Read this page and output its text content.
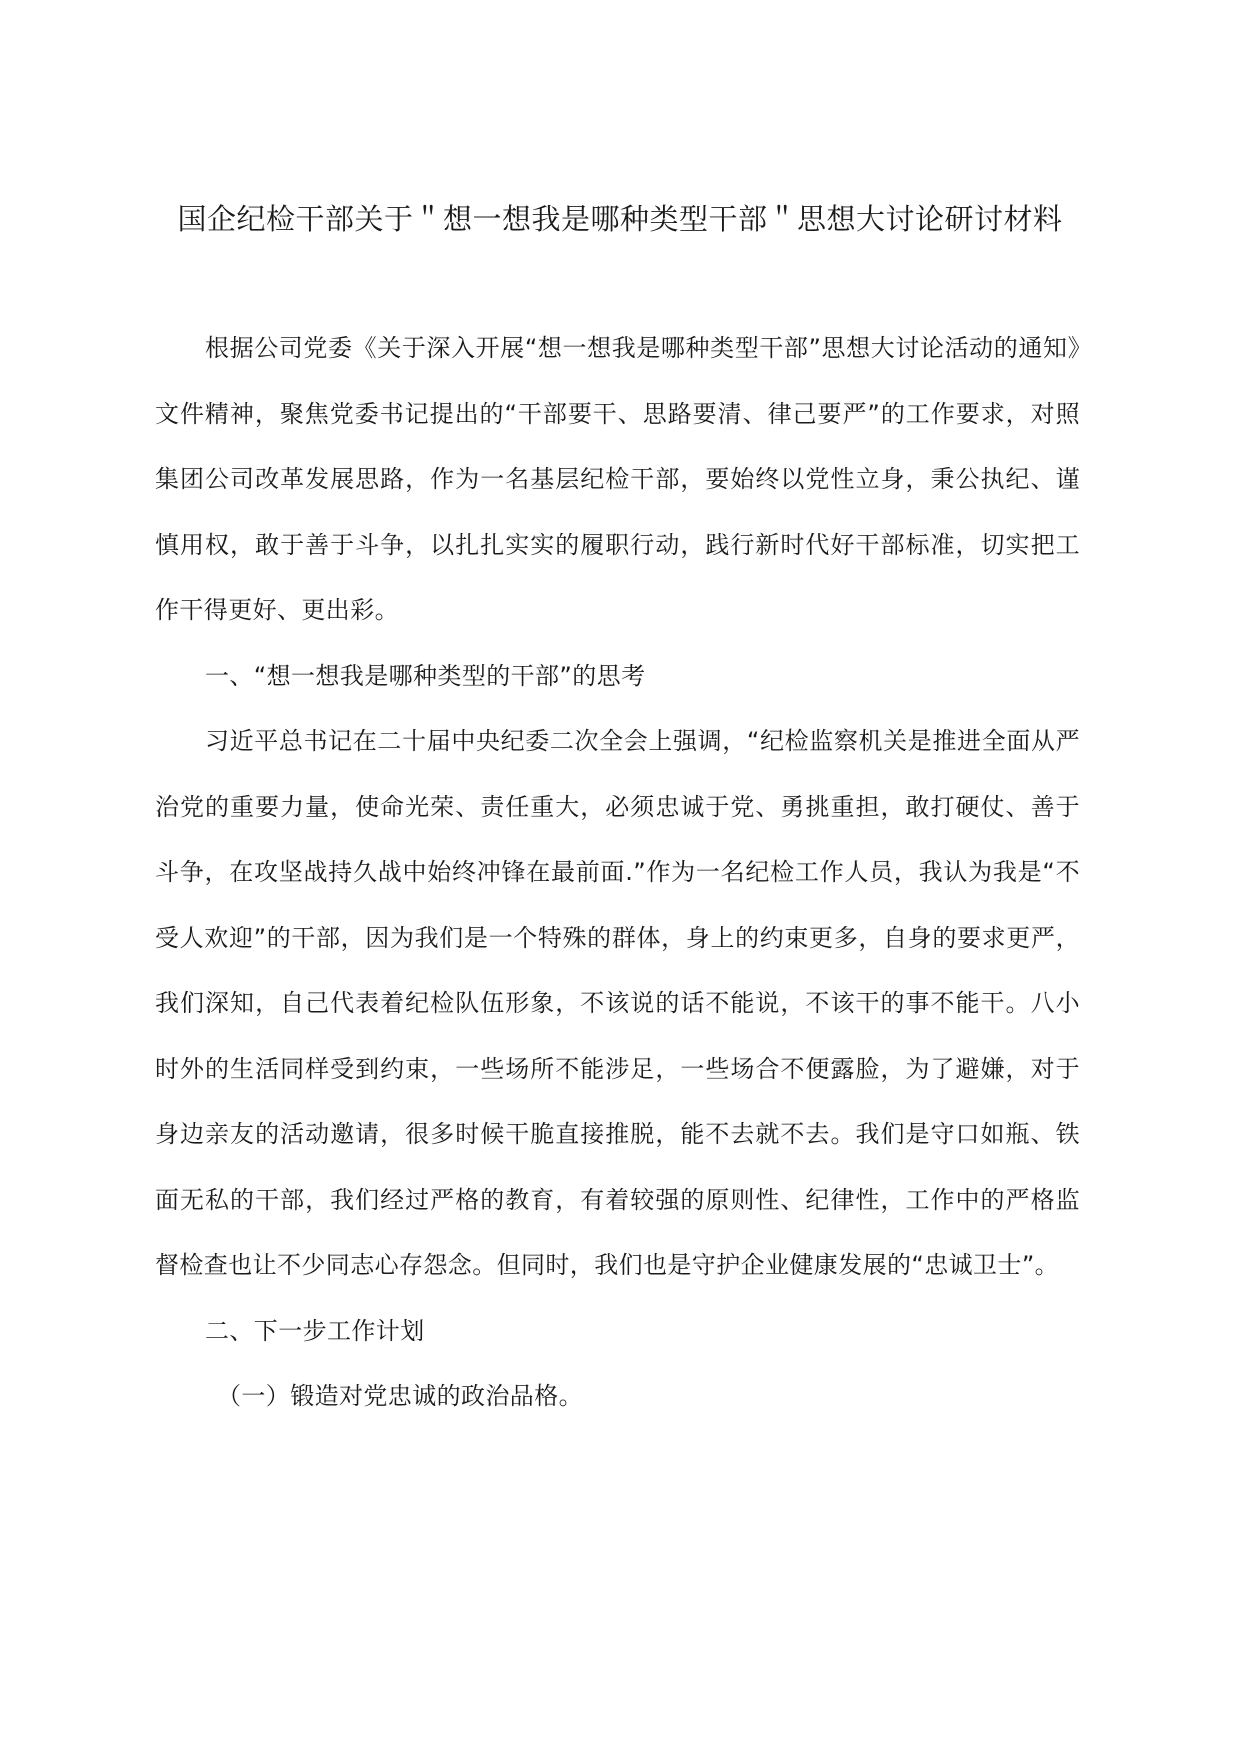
国企纪检干部关于＂想一想我是哪种类型干部＂思想大讨论研讨材料

根据公司党委《关于深入开展“想一想我是哪种类型干部”思想大讨论活动的通知》文件精神，聚焦党委书记提出的“干部要干、思路要清、律己要严”的工作要求，对照集团公司改革发展思路，作为一名基层纪检干部，要始终以党性立身，秉公执纪、谨慎用权，敢于善于斗争，以扎扎实实的履职行动，践行新时代好干部标准，切实把工作干得更好、更出彩。

一、“想一想我是哪种类型的干部”的思考

习近平总书记在二十届中央纪委二次全会上强调，“纪检监察机关是推进全面从严治党的重要力量，使命光荣、责任重大，必须忠诚于党、勇挑重担，敢打硬仗、善于斗争，在攻坚战持久战中始终冲锋在最前面.”作为一名纪检工作人员，我认为我是“不受人欢迎”的干部，因为我们是一个特殊的群体，身上的约束更多，自身的要求更严，我们深知，自己代表着纪检队伍形象，不该说的话不能说，不该干的事不能干。八小时外的生活同样受到约束，一些场所不能涉足，一些场合不便露脸，为了避嫌，对于身边亲友的活动邀请，很多时候干脆直接推脱，能不去就不去。我们是守口如瓶、铁面无私的干部，我们经过严格的教育，有着较强的原则性、纪律性，工作中的严格监督检查也让不少同志心存怨念。但同时，我们也是守护企业健康发展的“忠诚卫士”。

二、下一步工作计划

（一）锻造对党忠诚的政治品格。
